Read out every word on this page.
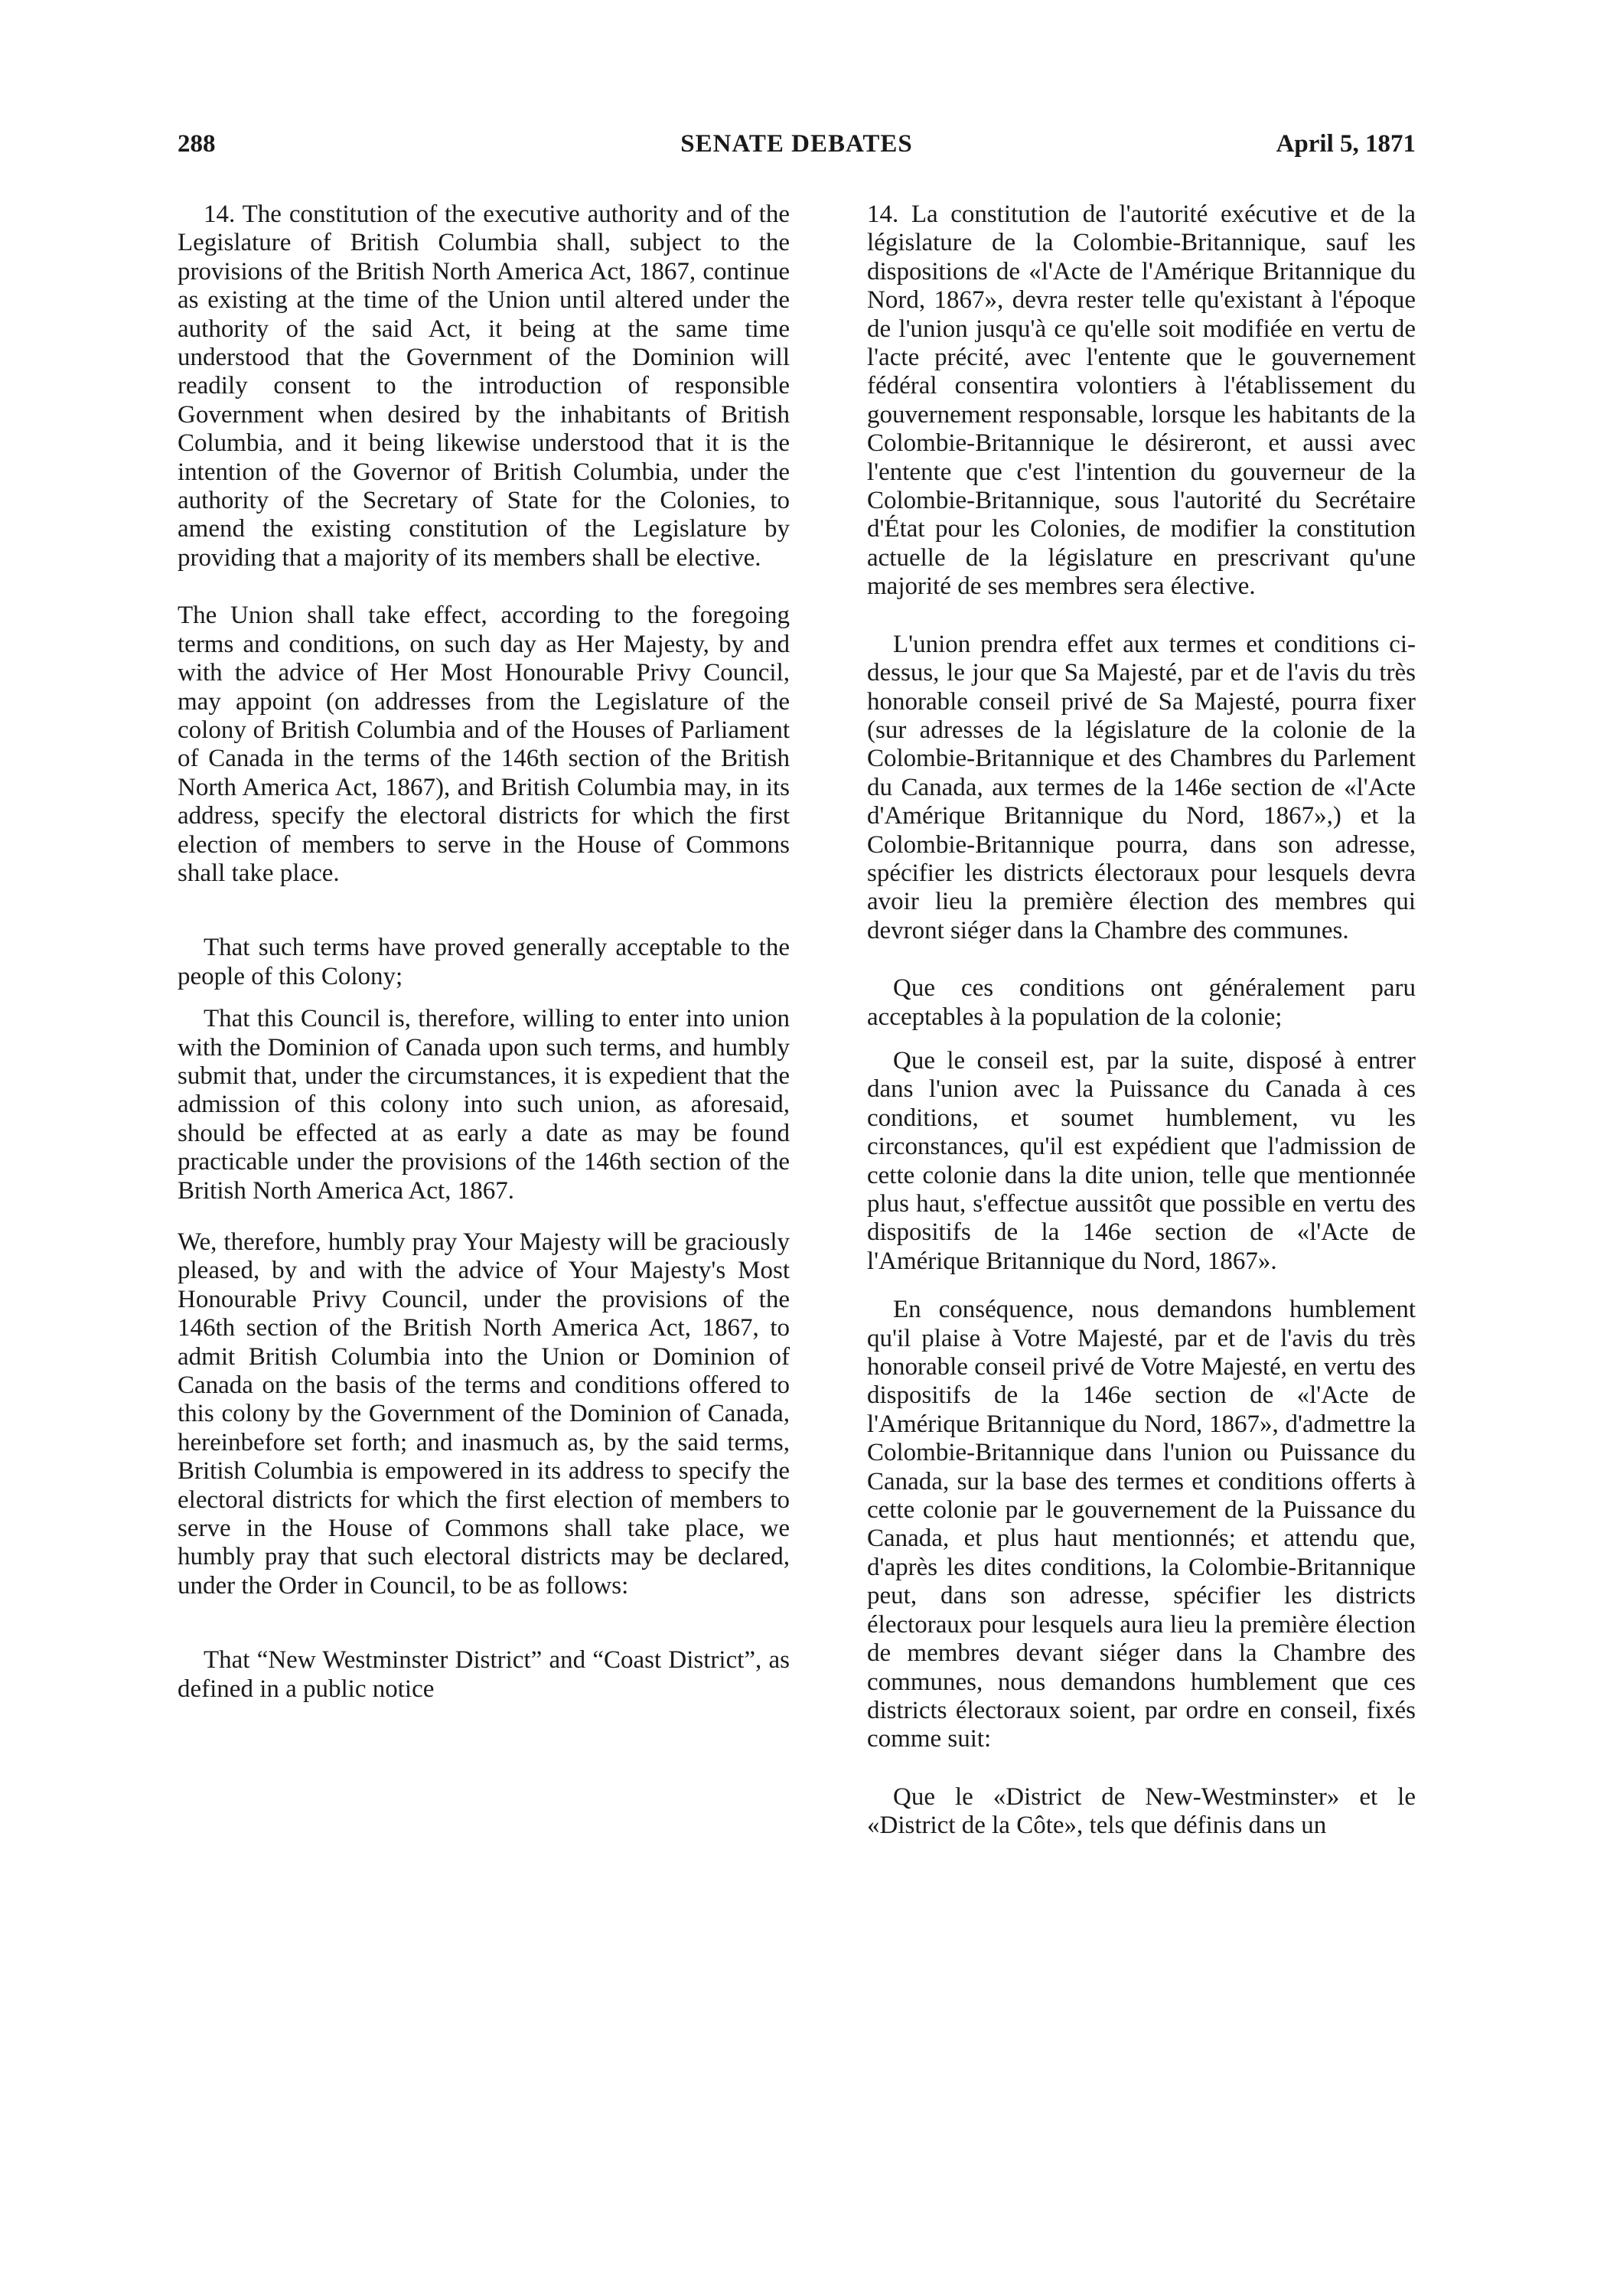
288	SENATE DEBATES	April 5, 1871

14. The constitution of the executive authority and of the Legislature of British Columbia shall, subject to the provisions of the British North America Act, 1867, continue as existing at the time of the Union until altered under the authority of the said Act, it being at the same time understood that the Government of the Dominion will readily consent to the introduction of responsible Government when desired by the inhabitants of British Columbia, and it being likewise understood that it is the intention of the Governor of British Columbia, under the authority of the Secretary of State for the Colonies, to amend the existing constitution of the Legislature by providing that a majority of its members shall be elective.

The Union shall take effect, according to the foregoing terms and conditions, on such day as Her Majesty, by and with the advice of Her Most Honourable Privy Council, may appoint (on addresses from the Legislature of the colony of British Columbia and of the Houses of Parliament of Canada in the terms of the 146th section of the British North America Act, 1867), and British Columbia may, in its address, specify the electoral districts for which the first election of members to serve in the House of Commons shall take place.

That such terms have proved generally acceptable to the people of this Colony;

That this Council is, therefore, willing to enter into union with the Dominion of Canada upon such terms, and humbly submit that, under the circumstances, it is expedient that the admission of this colony into such union, as aforesaid, should be effected at as early a date as may be found practicable under the provisions of the 146th section of the British North America Act, 1867.

We, therefore, humbly pray Your Majesty will be graciously pleased, by and with the advice of Your Majesty's Most Honourable Privy Council, under the provisions of the 146th section of the British North America Act, 1867, to admit British Columbia into the Union or Dominion of Canada on the basis of the terms and conditions offered to this colony by the Government of the Dominion of Canada, hereinbefore set forth; and inasmuch as, by the said terms, British Columbia is empowered in its address to specify the electoral districts for which the first election of members to serve in the House of Commons shall take place, we humbly pray that such electoral districts may be declared, under the Order in Council, to be as follows:

That “New Westminster District” and “Coast District”, as defined in a public notice

14. La constitution de l'autorité exécutive et de la législature de la Colombie-Britannique, sauf les dispositions de «l'Acte de l'Amérique Britannique du Nord, 1867», devra rester telle qu'existant à l'époque de l'union jusqu'à ce qu'elle soit modifiée en vertu de l'acte précité, avec l'entente que le gouvernement fédéral consentira volontiers à l'établissement du gouvernement responsable, lorsque les habitants de la Colombie-Britannique le désireront, et aussi avec l'entente que c'est l'intention du gouverneur de la Colombie-Britannique, sous l'autorité du Secrétaire d'État pour les Colonies, de modifier la constitution actuelle de la législature en prescrivant qu'une majorité de ses membres sera élective.

L'union prendra effet aux termes et conditions ci-dessus, le jour que Sa Majesté, par et de l'avis du très honorable conseil privé de Sa Majesté, pourra fixer (sur adresses de la législature de la colonie de la Colombie-Britannique et des Chambres du Parlement du Canada, aux termes de la 146e section de «l'Acte d'Amérique Britannique du Nord, 1867»,) et la Colombie-Britannique pourra, dans son adresse, spécifier les districts électoraux pour lesquels devra avoir lieu la première élection des membres qui devront siéger dans la Chambre des communes.

Que ces conditions ont généralement paru acceptables à la population de la colonie;

Que le conseil est, par la suite, disposé à entrer dans l'union avec la Puissance du Canada à ces conditions, et soumet humblement, vu les circonstances, qu'il est expédient que l'admission de cette colonie dans la dite union, telle que mentionnée plus haut, s'effectue aussitôt que possible en vertu des dispositifs de la 146e section de «l'Acte de l'Amérique Britannique du Nord, 1867».

En conséquence, nous demandons humblement qu'il plaise à Votre Majesté, par et de l'avis du très honorable conseil privé de Votre Majesté, en vertu des dispositifs de la 146e section de «l'Acte de l'Amérique Britannique du Nord, 1867», d'admettre la Colombie-Britannique dans l'union ou Puissance du Canada, sur la base des termes et conditions offerts à cette colonie par le gouvernement de la Puissance du Canada, et plus haut mentionnés; et attendu que, d'après les dites conditions, la Colombie-Britannique peut, dans son adresse, spécifier les districts électoraux pour lesquels aura lieu la première élection de membres devant siéger dans la Chambre des communes, nous demandons humblement que ces districts électoraux soient, par ordre en conseil, fixés comme suit:

Que le «District de New-Westminster» et le «District de la Côte», tels que définis dans un
